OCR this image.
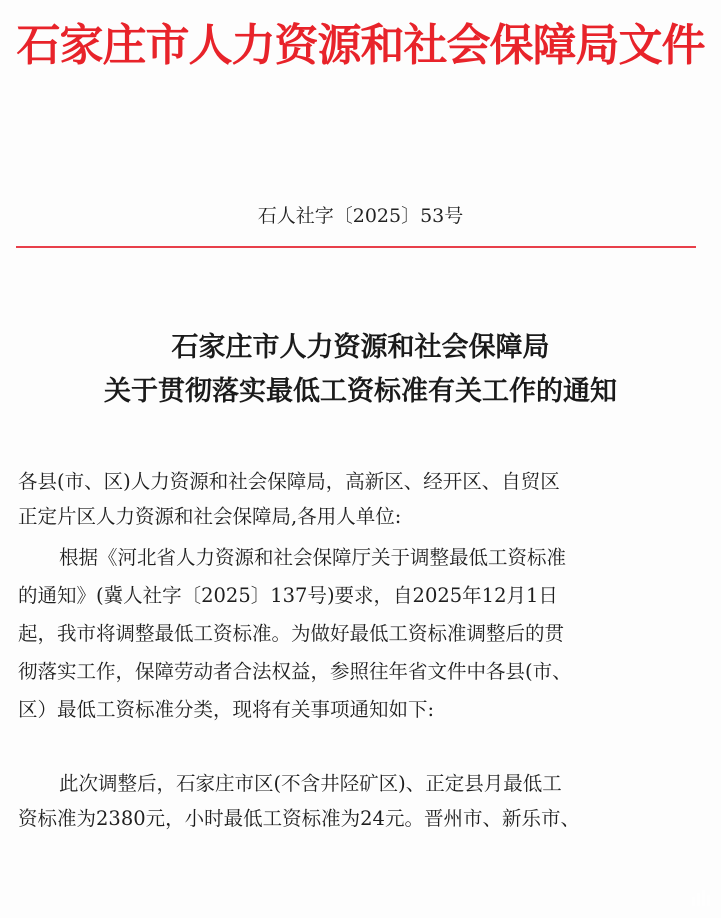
石家庄市人力资源和社会保障局文件
石人社字〔2025〕53号
石家庄市人力资源和社会保障局
关于贯彻落实最低工资标准有关工作的通知
各县(市、区)人力资源和社会保障局，高新区、经开区、自贸区
正定片区人力资源和社会保障局,各用人单位:
根据《河北省人力资源和社会保障厅关于调整最低工资标准
的通知》(冀人社字〔2025〕137号)要求，自2025年12月1日
起，我市将调整最低工资标准。为做好最低工资标准调整后的贯
彻落实工作，保障劳动者合法权益，参照往年省文件中各县(市、
区）最低工资标准分类，现将有关事项通知如下:
此次调整后，石家庄市区(不含井陉矿区)、正定县月最低工
资标准为2380元，小时最低工资标准为24元。晋州市、新乐市、
